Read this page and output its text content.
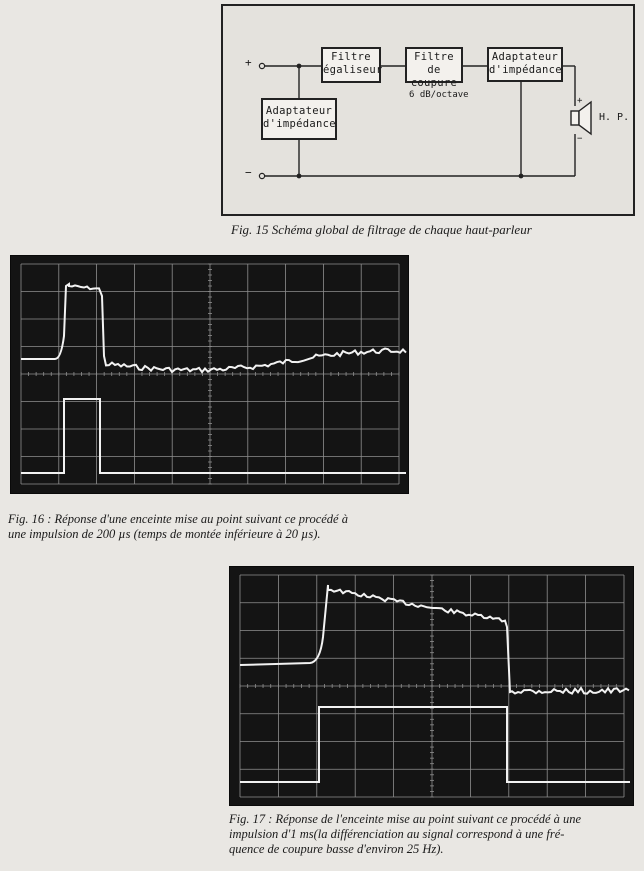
+
−
Filtre
égaliseur
Filtre de
coupure
Adaptateur
d'impédance
Adaptateur
d'impédance
6 dB/octave
+
−
H. P.
Fig. 15 Schéma global de filtrage de chaque haut-parleur
Fig. 16 : Réponse d'une enceinte mise au point suivant ce procédé à
une impulsion de 200 µs (temps de montée inférieure à 20 µs).
Fig. 17 : Réponse de l'enceinte mise au point suivant ce procédé à une
impulsion d'1 ms(la différenciation au signal correspond à une fré-
quence de coupure basse d'environ 25 Hz).
